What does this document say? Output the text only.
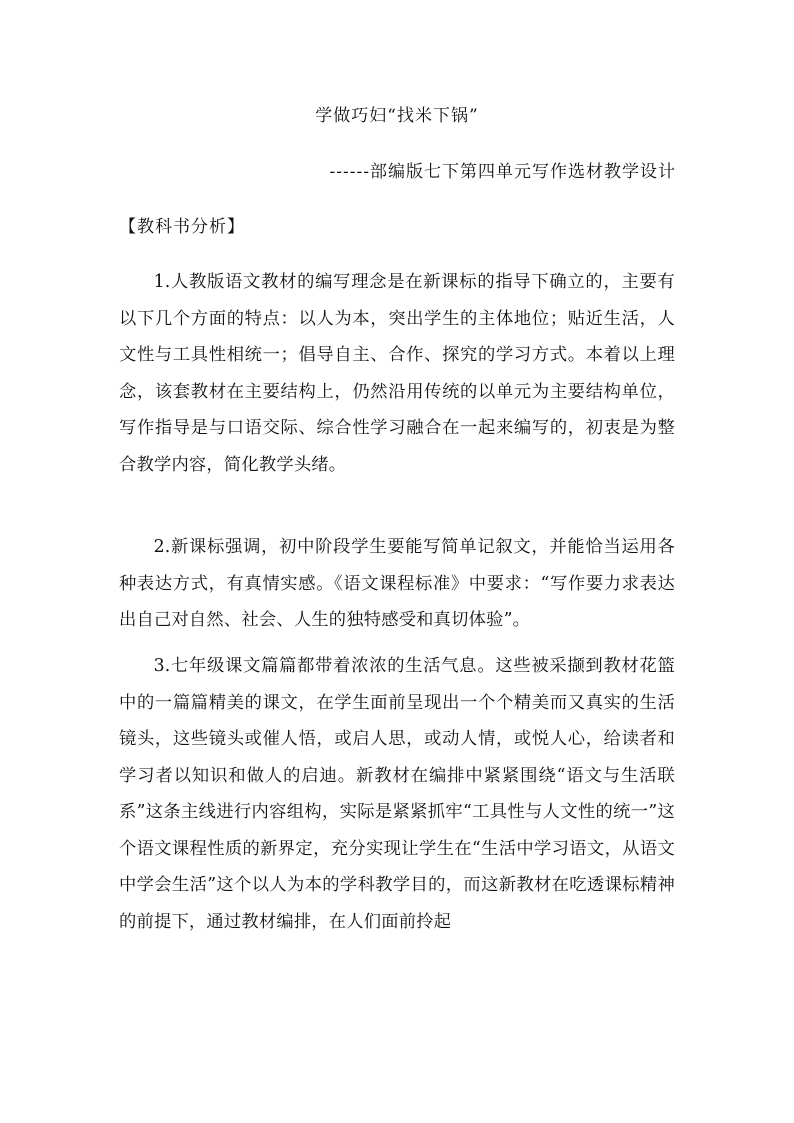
学做巧妇“找米下锅”
------部编版七下第四单元写作选材教学设计
【教科书分析】

1.人教版语文教材的编写理念是在新课标的指导下确立的，主要有以下几个方面的特点：以人为本，突出学生的主体地位；贴近生活，人文性与工具性相统一；倡导自主、合作、探究的学习方式。本着以上理念，该套教材在主要结构上，仍然沿用传统的以单元为主要结构单位，写作指导是与口语交际、综合性学习融合在一起来编写的，初衷是为整合教学内容，简化教学头绪。

2.新课标强调，初中阶段学生要能写简单记叙文，并能恰当运用各种表达方式，有真情实感。《语文课程标准》中要求：“写作要力求表达出自己对自然、社会、人生的独特感受和真切体验”。

3.七年级课文篇篇都带着浓浓的生活气息。这些被采撷到教材花篮中的一篇篇精美的课文，在学生面前呈现出一个个精美而又真实的生活镜头，这些镜头或催人悟，或启人思，或动人情，或悦人心，给读者和学习者以知识和做人的启迪。新教材在编排中紧紧围绕“语文与生活联系”这条主线进行内容组构，实际是紧紧抓牢“工具性与人文性的统一”这个语文课程性质的新界定，充分实现让学生在“生活中学习语文，从语文中学会生活”这个以人为本的学科教学目的，而这新教材在吃透课标精神的前提下，通过教材编排，在人们面前拎起
